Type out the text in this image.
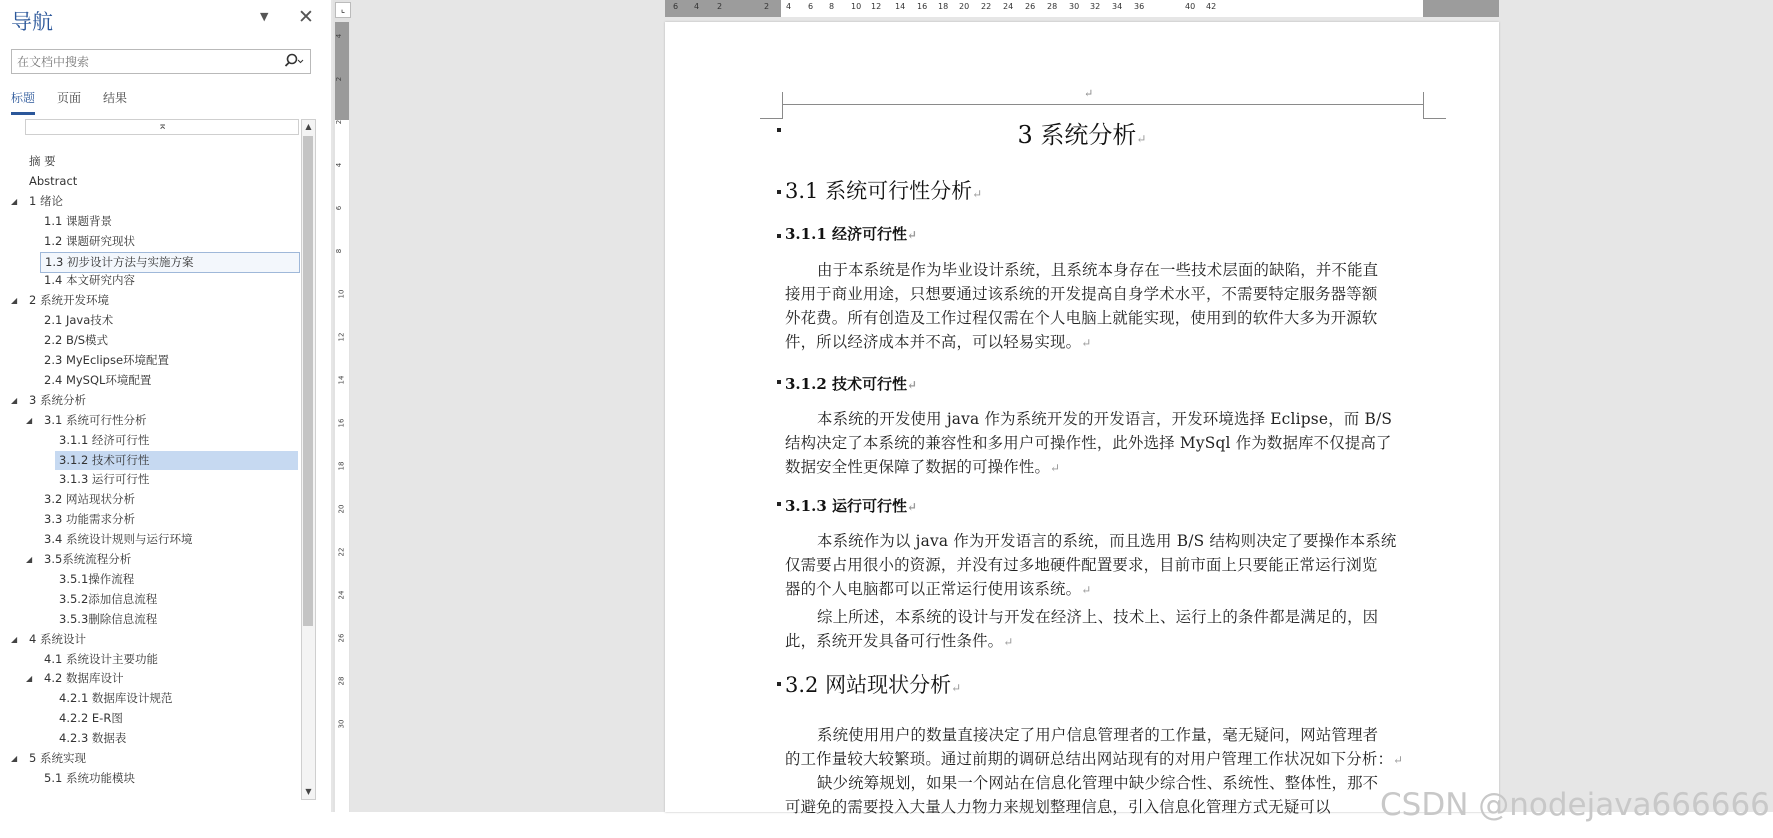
导航	▼ ✕
在文档中搜索
标题 页面 结果
⌅
摘 要
Abstract
◢ 1 绪论
1.1 课题背景
1.2 课题研究现状
1.3 初步设计方法与实施方案
1.4 本文研究内容
◢ 2 系统开发环境
2.1 Java技术
2.2 B/S模式
2.3 MyEclipse环境配置
2.4 MySQL环境配置
◢ 3 系统分析
◢ 3.1 系统可行性分析
3.1.1 经济可行性
3.1.2 技术可行性
3.1.3 运行可行性
3.2 网站现状分析
3.3 功能需求分析
3.4 系统设计规则与运行环境
◢ 3.5系统流程分析
3.5.1操作流程
3.5.2添加信息流程
3.5.3删除信息流程
◢ 4 系统设计
4.1 系统设计主要功能
◢ 4.2 数据库设计
4.2.1 数据库设计规范
4.2.2 E-R图
4.2.3 数据表
◢ 5 系统实现
5.1 系统功能模块
▲
▼
⌞
4
2
2
4
6
8
10
12
14
16
18
20
22
24
26
28
30
6 4 2	2 4 6 8 10 12 14 16 18 20 22 24 26 28 30 32 34 36	40 42
↵
3 系统分析↵
3.1 系统可行性分析↵
3.1.1 经济可行性↵
由于本系统是作为毕业设计系统，且系统本身存在一些技术层面的缺陷，并不能直
接用于商业用途，只想要通过该系统的开发提高自身学术水平，不需要特定服务器等额
外花费。所有创造及工作过程仅需在个人电脑上就能实现，使用到的软件大多为开源软
件，所以经济成本并不高，可以轻易实现。↵
3.1.2 技术可行性↵
本系统的开发使用 java 作为系统开发的开发语言，开发环境选择 Eclipse，而 B/S
结构决定了本系统的兼容性和多用户可操作性，此外选择 MySql 作为数据库不仅提高了
数据安全性更保障了数据的可操作性。↵
3.1.3 运行可行性↵
本系统作为以 java 作为开发语言的系统，而且选用 B/S 结构则决定了要操作本系统
仅需要占用很小的资源，并没有过多地硬件配置要求，目前市面上只要能正常运行浏览
器的个人电脑都可以正常运行使用该系统。↵
综上所述，本系统的设计与开发在经济上、技术上、运行上的条件都是满足的，因
此，系统开发具备可行性条件。↵
3.2 网站现状分析↵
系统使用用户的数量直接决定了用户信息管理者的工作量，毫无疑问，网站管理者
的工作量较大较繁琐。通过前期的调研总结出网站现有的对用户管理工作状况如下分析：↵
缺少统筹规划，如果一个网站在信息化管理中缺少综合性、系统性、整体性，那不
可避免的需要投入大量人力物力来规划整理信息，引入信息化管理方式无疑可以 CSDN @nodejava666666
